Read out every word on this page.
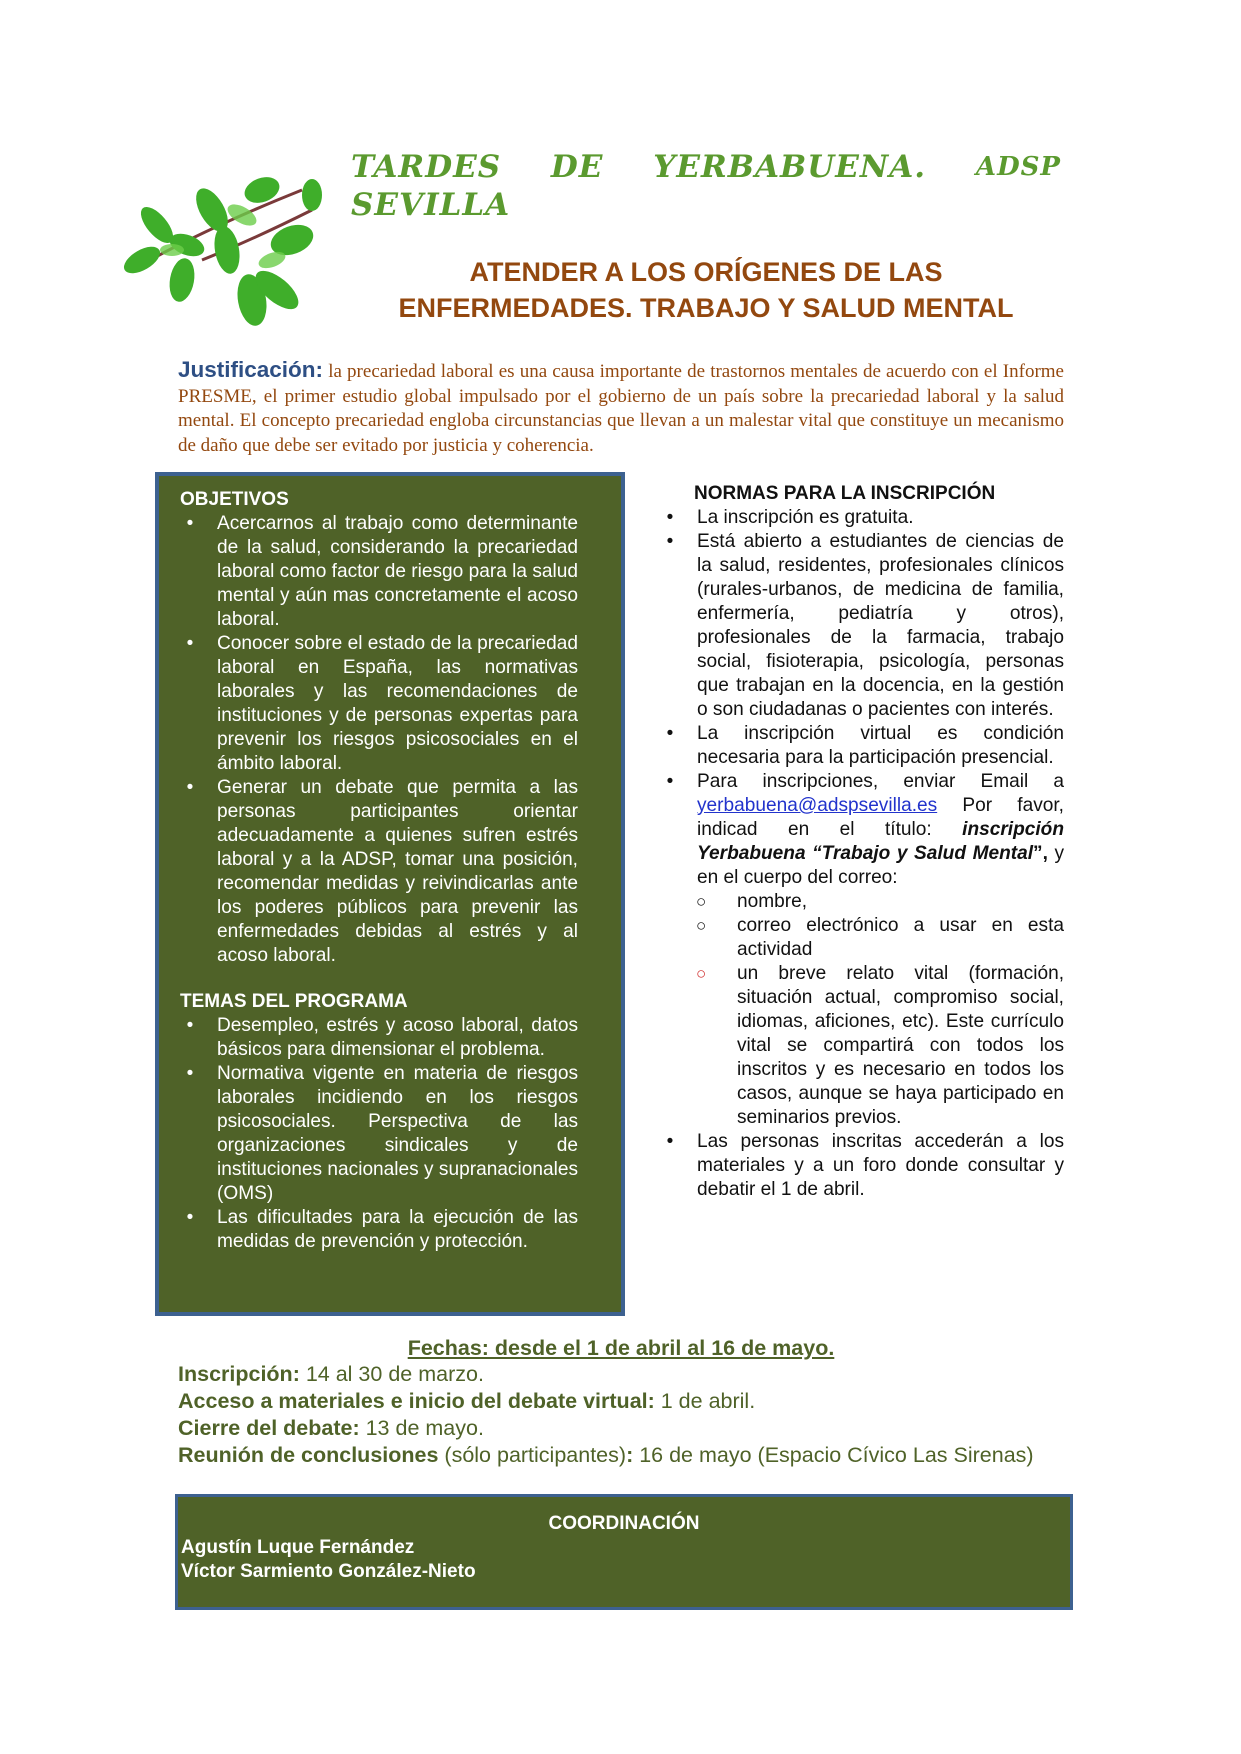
TARDES DE YERBABUENA. ADSP
SEVILLA
ATENDER A LOS ORÍGENES DE LAS
ENFERMEDADES. TRABAJO Y SALUD MENTAL
Justificación: la precariedad laboral es una causa importante de trastornos mentales de acuerdo con el Informe PRESME, el primer estudio global impulsado por el gobierno de un país sobre la precariedad laboral y la salud mental. El concepto precariedad engloba circunstancias que llevan a un malestar vital que constituye un mecanismo de daño que debe ser evitado por justicia y coherencia.
OBJETIVOS
•	Acercarnos al trabajo como determinante de la salud, considerando la precariedad laboral como factor de riesgo para la salud mental y aún mas concretamente el acoso laboral.
•	Conocer sobre el estado de la precariedad laboral en España, las normativas laborales y las recomendaciones de instituciones y de personas expertas para prevenir los riesgos psicosociales en el ámbito laboral.
•	Generar un debate que permita a las personas participantes orientar adecuadamente a quienes sufren estrés laboral y a la ADSP, tomar una posición, recomendar medidas y reivindicarlas ante los poderes públicos para prevenir las enfermedades debidas al estrés y al acoso laboral.
TEMAS DEL PROGRAMA
•	Desempleo, estrés y acoso laboral, datos básicos para dimensionar el problema.
•	Normativa vigente en materia de riesgos laborales incidiendo en los riesgos psicosociales. Perspectiva de las organizaciones sindicales y de instituciones nacionales y supranacionales (OMS)
•	Las dificultades para la ejecución de las medidas de prevención y protección.
NORMAS PARA LA INSCRIPCIÓN
•	La inscripción es gratuita.
•	Está abierto a estudiantes de ciencias de la salud, residentes, profesionales clínicos (rurales-urbanos, de medicina de familia, enfermería, pediatría y otros), profesionales de la farmacia, trabajo social, fisioterapia, psicología, personas que trabajan en la docencia, en la gestión o son ciudadanas o pacientes con interés.
•	La inscripción virtual es condición necesaria para la participación presencial.
•	Para inscripciones, enviar Email a yerbabuena@adspsevilla.es Por favor, indicad en el título: inscripción Yerbabuena “Trabajo y Salud Mental”, y en el cuerpo del correo:
○ nombre,
○ correo electrónico a usar en esta actividad
○ un breve relato vital (formación, situación actual, compromiso social, idiomas, aficiones, etc). Este currículo vital se compartirá con todos los inscritos y es necesario en todos los casos, aunque se haya participado en seminarios previos.
•	Las personas inscritas accederán a los materiales y a un foro donde consultar y debatir el 1 de abril.
Fechas: desde el 1 de abril al 16 de mayo.
Inscripción: 14 al 30 de marzo.
Acceso a materiales e inicio del debate virtual: 1 de abril.
Cierre del debate: 13 de mayo.
Reunión de conclusiones (sólo participantes): 16 de mayo (Espacio Cívico Las Sirenas)
COORDINACIÓN
Agustín Luque Fernández
Víctor Sarmiento González-Nieto
